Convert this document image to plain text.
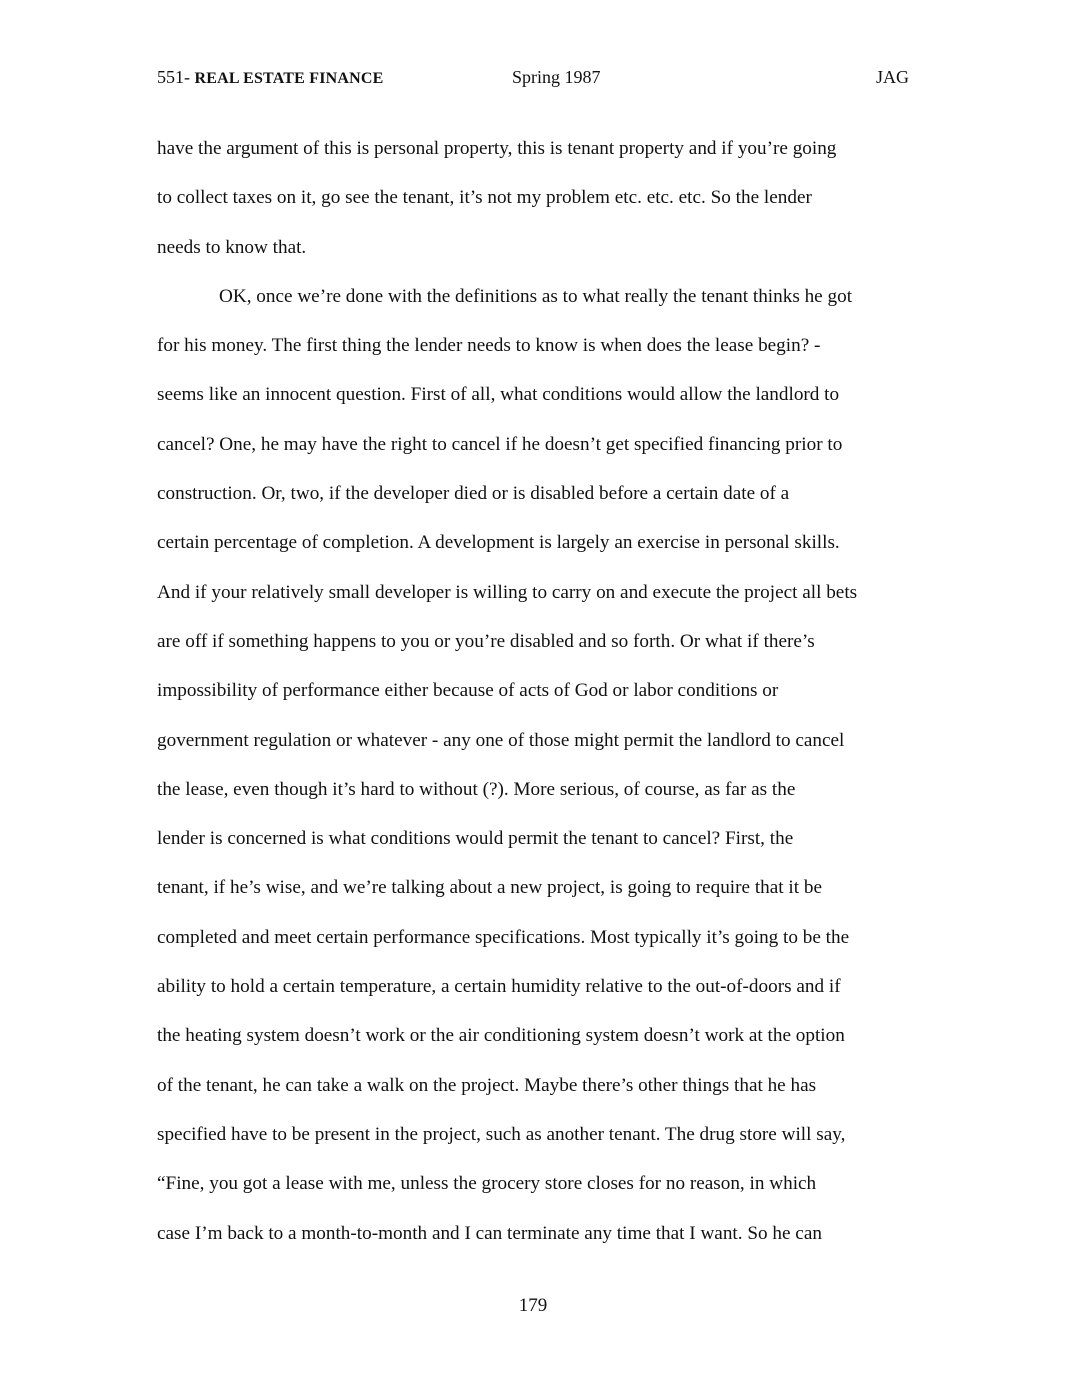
551- REAL ESTATE FINANCE	Spring 1987	JAG
have the argument of this is personal property, this is tenant property and if you’re going
to collect taxes on it, go see the tenant, it’s not my problem etc. etc. etc. So the lender
needs to know that.
OK, once we’re done with the definitions as to what really the tenant thinks he got
for his money. The first thing the lender needs to know is when does the lease begin? -
seems like an innocent question. First of all, what conditions would allow the landlord to
cancel? One, he may have the right to cancel if he doesn’t get specified financing prior to
construction. Or, two, if the developer died or is disabled before a certain date of a
certain percentage of completion. A development is largely an exercise in personal skills.
And if your relatively small developer is willing to carry on and execute the project all bets
are off if something happens to you or you’re disabled and so forth. Or what if there’s
impossibility of performance either because of acts of God or labor conditions or
government regulation or whatever - any one of those might permit the landlord to cancel
the lease, even though it’s hard to without (?). More serious, of course, as far as the
lender is concerned is what conditions would permit the tenant to cancel? First, the
tenant, if he’s wise, and we’re talking about a new project, is going to require that it be
completed and meet certain performance specifications. Most typically it’s going to be the
ability to hold a certain temperature, a certain humidity relative to the out-of-doors and if
the heating system doesn’t work or the air conditioning system doesn’t work at the option
of the tenant, he can take a walk on the project. Maybe there’s other things that he has
specified have to be present in the project, such as another tenant. The drug store will say,
“Fine, you got a lease with me, unless the grocery store closes for no reason, in which
case I’m back to a month-to-month and I can terminate any time that I want. So he can
179
